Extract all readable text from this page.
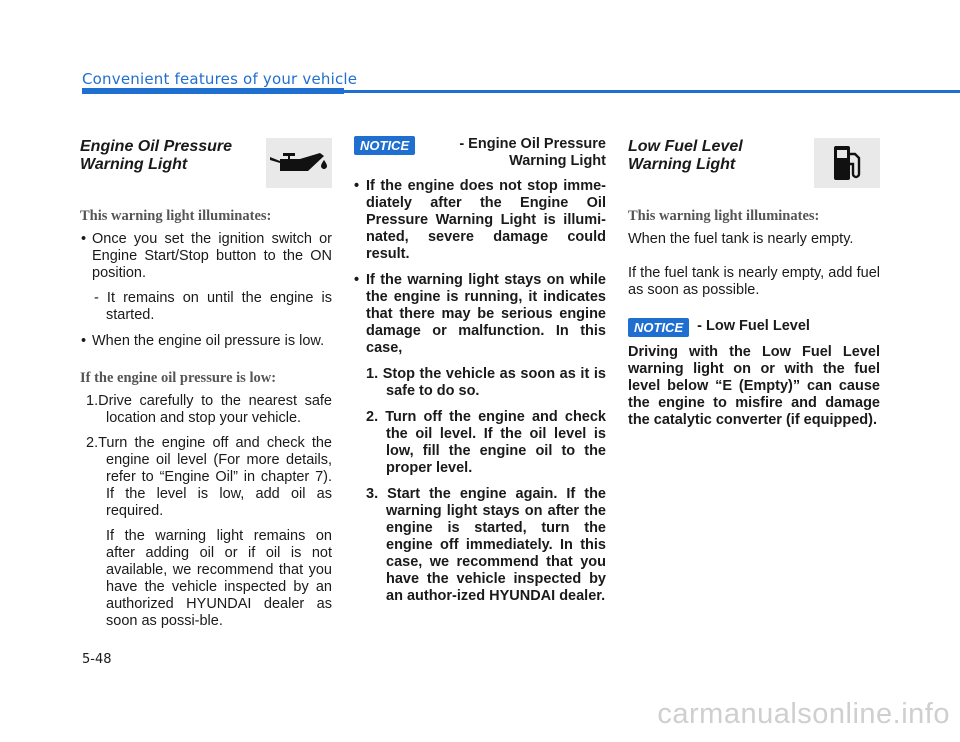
Convenient features of your vehicle
Engine Oil Pressure Warning Light

This warning light illuminates:

• Once you set the ignition switch or Engine Start/Stop button to the ON position.
- It remains on until the engine is started.
• When the engine oil pressure is low.

If the engine oil pressure is low:

1.Drive carefully to the nearest safe location and stop your vehicle.
2.Turn the engine off and check the engine oil level (For more details, refer to “Engine Oil” in chapter 7). If the level is low, add oil as required.
If the warning light remains on after adding oil or if oil is not available, we recommend that you have the vehicle inspected by an authorized HYUNDAI dealer as soon as possi-ble.
NOTICE	- Engine Oil Pressure Warning Light
• If the engine does not stop imme-diately after the Engine Oil Pressure Warning Light is illumi-nated, severe damage could result.
• If the warning light stays on while the engine is running, it indicates that there may be serious engine damage or malfunction. In this case,
1. Stop the vehicle as soon as it is safe to do so.
2. Turn off the engine and check the oil level. If the oil level is low, fill the engine oil to the proper level.
3. Start the engine again. If the warning light stays on after the engine is started, turn the engine off immediately. In this case, we recommend that you have the vehicle inspected by an author-ized HYUNDAI dealer.
Low Fuel Level Warning Light

This warning light illuminates:

When the fuel tank is nearly empty.

If the fuel tank is nearly empty, add fuel as soon as possible.

NOTICE - Low Fuel Level

Driving with the Low Fuel Level warning light on or with the fuel level below “E (Empty)” can cause the engine to misfire and damage the catalytic converter (if equipped).

5-48
carmanualsonline.info
